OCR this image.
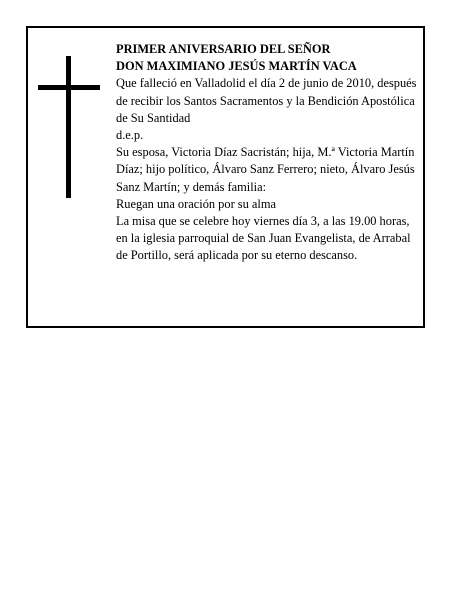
PRIMER ANIVERSARIO DEL SEÑOR
DON MAXIMIANO JESÚS MARTÍN VACA

Que falleció en Valladolid el día 2 de junio de 2010, después de recibir los Santos Sacramentos y la Bendición Apostólica de Su Santidad

d.e.p.

Su esposa, Victoria Díaz Sacristán; hija, M.ª Victoria Martín Díaz; hijo político, Álvaro Sanz Ferrero; nieto, Álvaro Jesús Sanz Martín; y demás familia:

Ruegan una oración por su alma

La misa que se celebre hoy viernes día 3, a las 19.00 horas, en la iglesia parroquial de San Juan Evangelista, de Arrabal de Portillo, será aplicada por su eterno descanso.
